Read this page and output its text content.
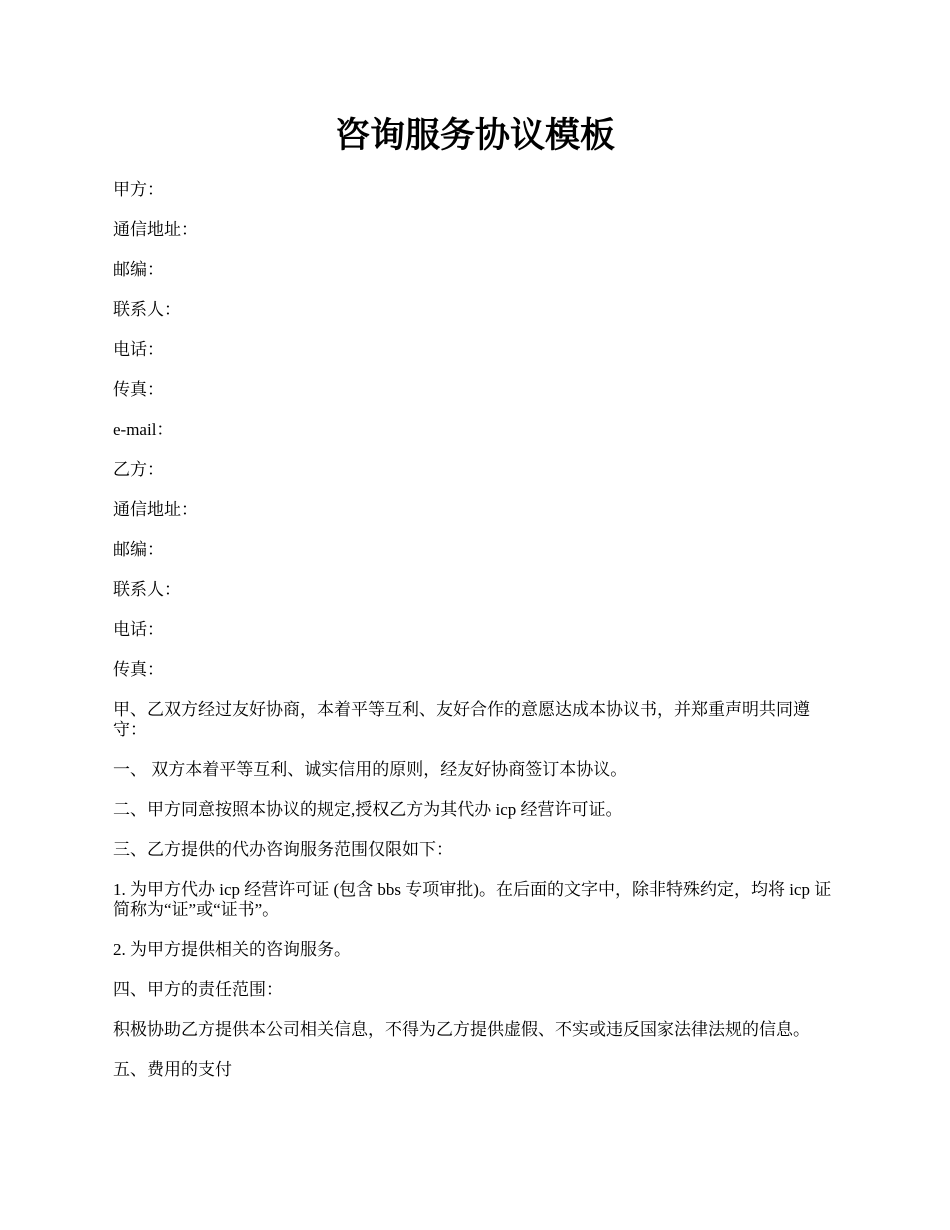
咨询服务协议模板

甲方：

通信地址：

邮编：

联系人：

电话：

传真：

e-mail：

乙方：

通信地址：

邮编：

联系人：

电话：

传真：

甲、乙双方经过友好协商，本着平等互利、友好合作的意愿达成本协议书，并郑重声明共同遵守：

一、 双方本着平等互利、诚实信用的原则，经友好协商签订本协议。

二、甲方同意按照本协议的规定,授权乙方为其代办 icp 经营许可证。

三、乙方提供的代办咨询服务范围仅限如下：

1. 为甲方代办 icp 经营许可证 (包含 bbs 专项审批)。在后面的文字中，除非特殊约定，均将 icp 证简称为“证”或“证书”。

2. 为甲方提供相关的咨询服务。

四、甲方的责任范围：

积极协助乙方提供本公司相关信息，不得为乙方提供虚假、不实或违反国家法律法规的信息。

五、费用的支付
